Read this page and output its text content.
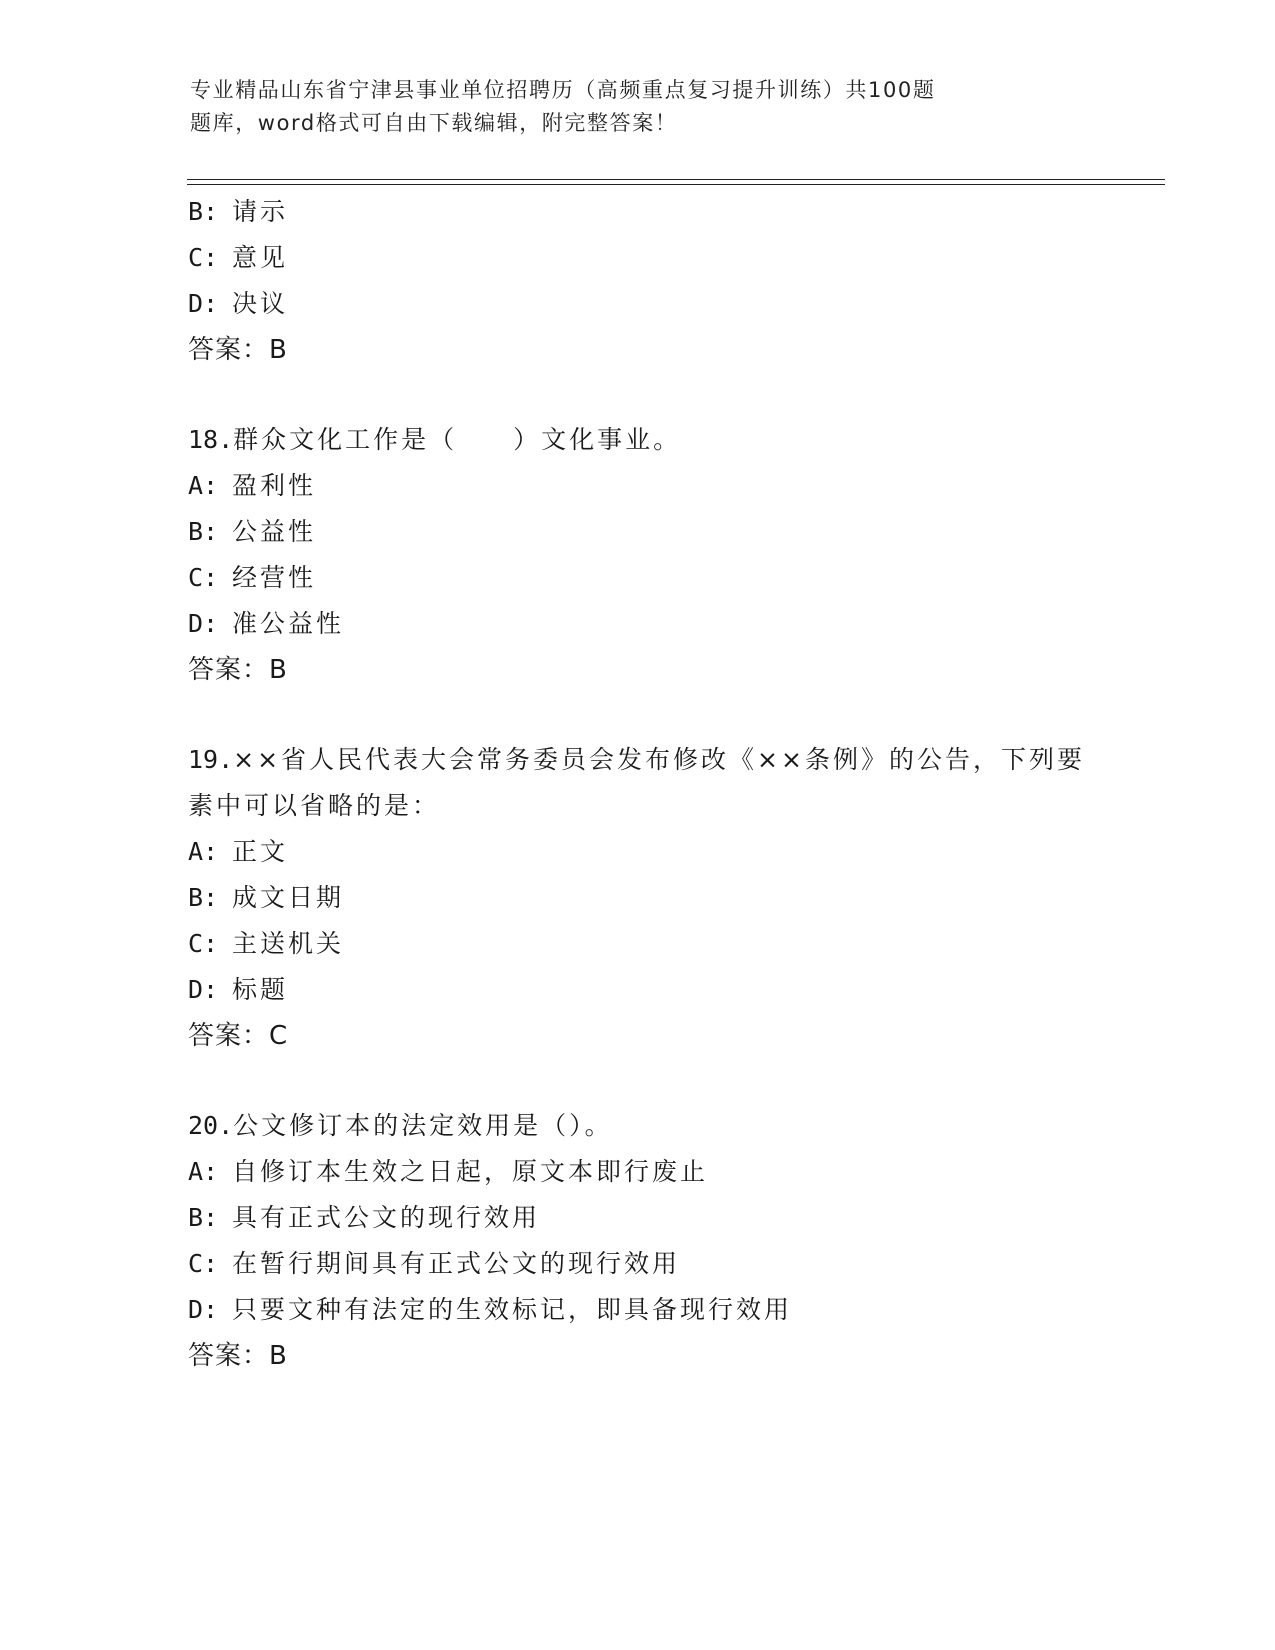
专业精品山东省宁津县事业单位招聘历（高频重点复习提升训练）共100题
题库，word格式可自由下载编辑，附完整答案！
B: 请示
C: 意见
D: 决议
答案：B
18.群众文化工作是（　　）文化事业。
A: 盈利性
B: 公益性
C: 经营性
D: 准公益性
答案：B
19.××省人民代表大会常务委员会发布修改《××条例》的公告，下列要素中可以省略的是：
A: 正文
B: 成文日期
C: 主送机关
D: 标题
答案：C
20.公文修订本的法定效用是（）。
A: 自修订本生效之日起，原文本即行废止
B: 具有正式公文的现行效用
C: 在暂行期间具有正式公文的现行效用
D: 只要文种有法定的生效标记，即具备现行效用
答案：B
